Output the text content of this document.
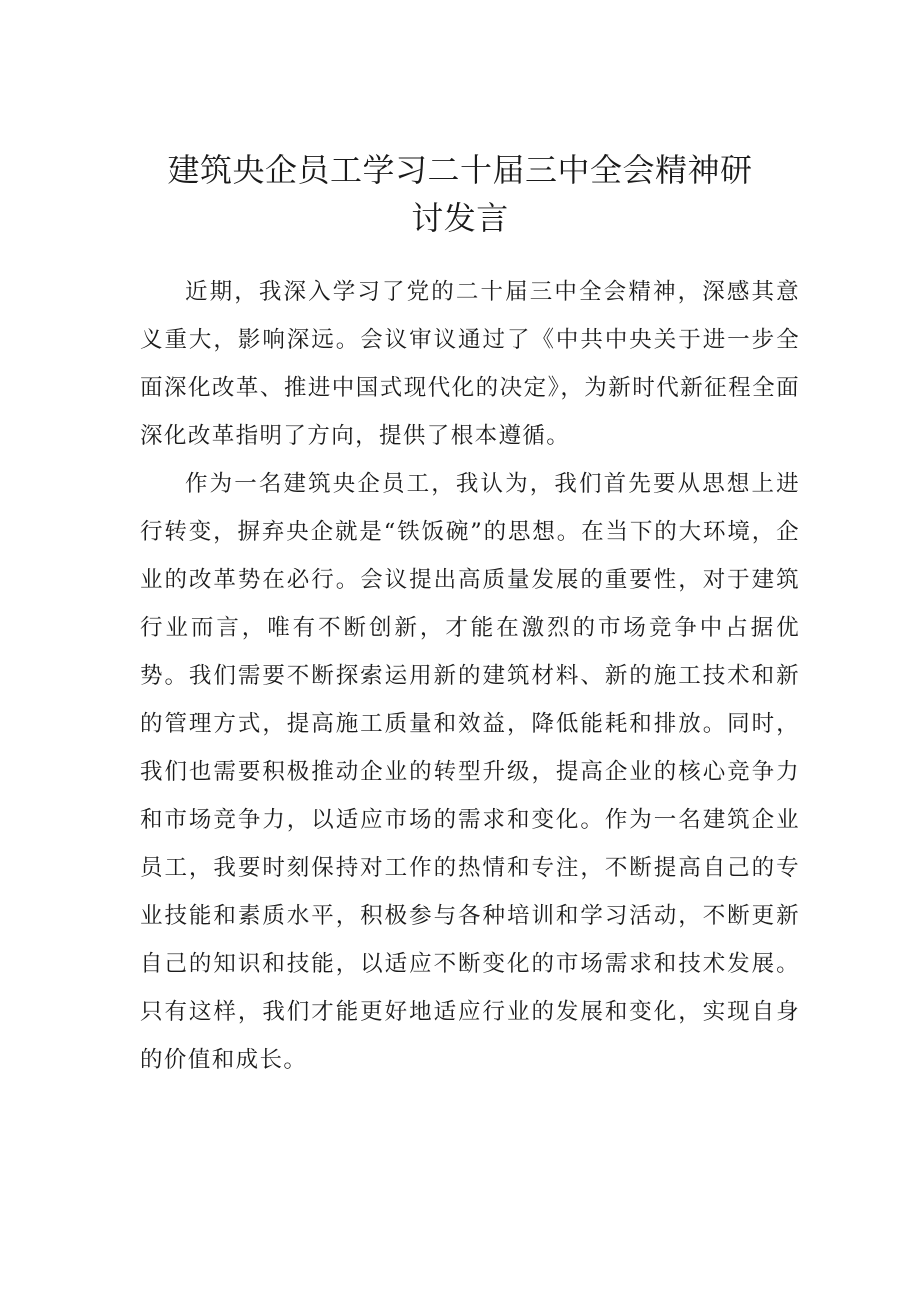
建筑央企员工学习二十届三中全会精神研
讨发言

近期，我深入学习了党的二十届三中全会精神，深感其意义重大，影响深远。会议审议通过了《中共中央关于进一步全面深化改革、推进中国式现代化的决定》，为新时代新征程全面深化改革指明了方向，提供了根本遵循。

作为一名建筑央企员工，我认为，我们首先要从思想上进行转变，摒弃央企就是“铁饭碗”的思想。在当下的大环境，企业的改革势在必行。会议提出高质量发展的重要性，对于建筑行业而言，唯有不断创新，才能在激烈的市场竞争中占据优势。我们需要不断探索运用新的建筑材料、新的施工技术和新的管理方式，提高施工质量和效益，降低能耗和排放。同时，我们也需要积极推动企业的转型升级，提高企业的核心竞争力和市场竞争力，以适应市场的需求和变化。作为一名建筑企业员工，我要时刻保持对工作的热情和专注，不断提高自己的专业技能和素质水平，积极参与各种培训和学习活动，不断更新自己的知识和技能，以适应不断变化的市场需求和技术发展。只有这样，我们才能更好地适应行业的发展和变化，实现自身的价值和成长。
